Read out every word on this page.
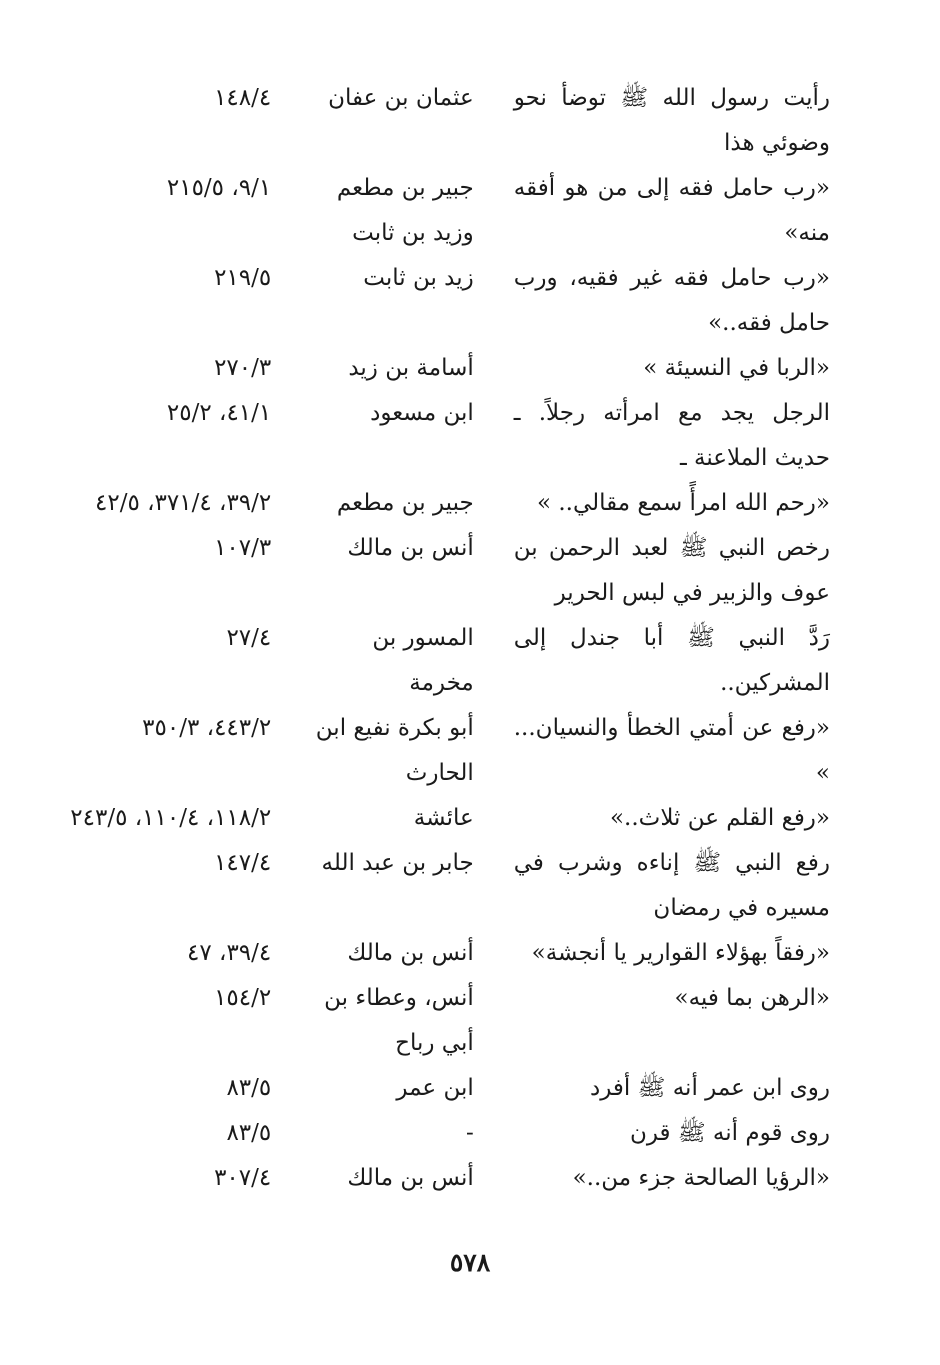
رأيت رسول الله ﷺ توضأ نحو وضوئي هذا
عثمان بن عفان
١٤٨/٤
«رب حامل فقه إلى من هو أفقه منه»
جبير بن مطعم وزيد بن ثابت
٩/١، ٢١٥/٥
«رب حامل فقه غير فقيه، ورب حامل فقه..»
زيد بن ثابت
٢١٩/٥
«الربا في النسيئة »
أسامة بن زيد
٢٧٠/٣
الرجل يجد مع امرأته رجلاً. ـ حديث الملاعنة ـ
ابن مسعود
٤١/١، ٢٥/٢
«رحم الله امرأً سمع مقالي.. »
جبير بن مطعم
٣٩/٢، ٣٧١/٤، ٤٢/٥
رخص النبي ﷺ لعبد الرحمن بن عوف والزبير في لبس الحرير
أنس بن مالك
١٠٧/٣
رَدَّ النبي ﷺ أبا جندل إلى المشركين..
المسور بن مخرمة
٢٧/٤
«رفع عن أمتي الخطأ والنسيان... »
أبو بكرة نفيع ابن الحارث
٤٤٣/٢، ٣٥٠/٣
«رفع القلم عن ثلاث..»
عائشة
١١٨/٢، ١١٠/٤، ٢٤٣/٥
رفع النبي ﷺ إناءه وشرب في مسيره في رمضان
جابر بن عبد الله
١٤٧/٤
«رفقاً بهؤلاء القوارير يا أنجشة»
أنس بن مالك
٣٩/٤، ٤٧
«الرهن بما فيه»
أنس، وعطاء بن أبي رباح
١٥٤/٢
روى ابن عمر أنه ﷺ أفرد
ابن عمر
٨٣/٥
روى قوم أنه ﷺ قرن
-
٨٣/٥
«الرؤيا الصالحة جزء من..»
أنس بن مالك
٣٠٧/٤
٥٧٨
